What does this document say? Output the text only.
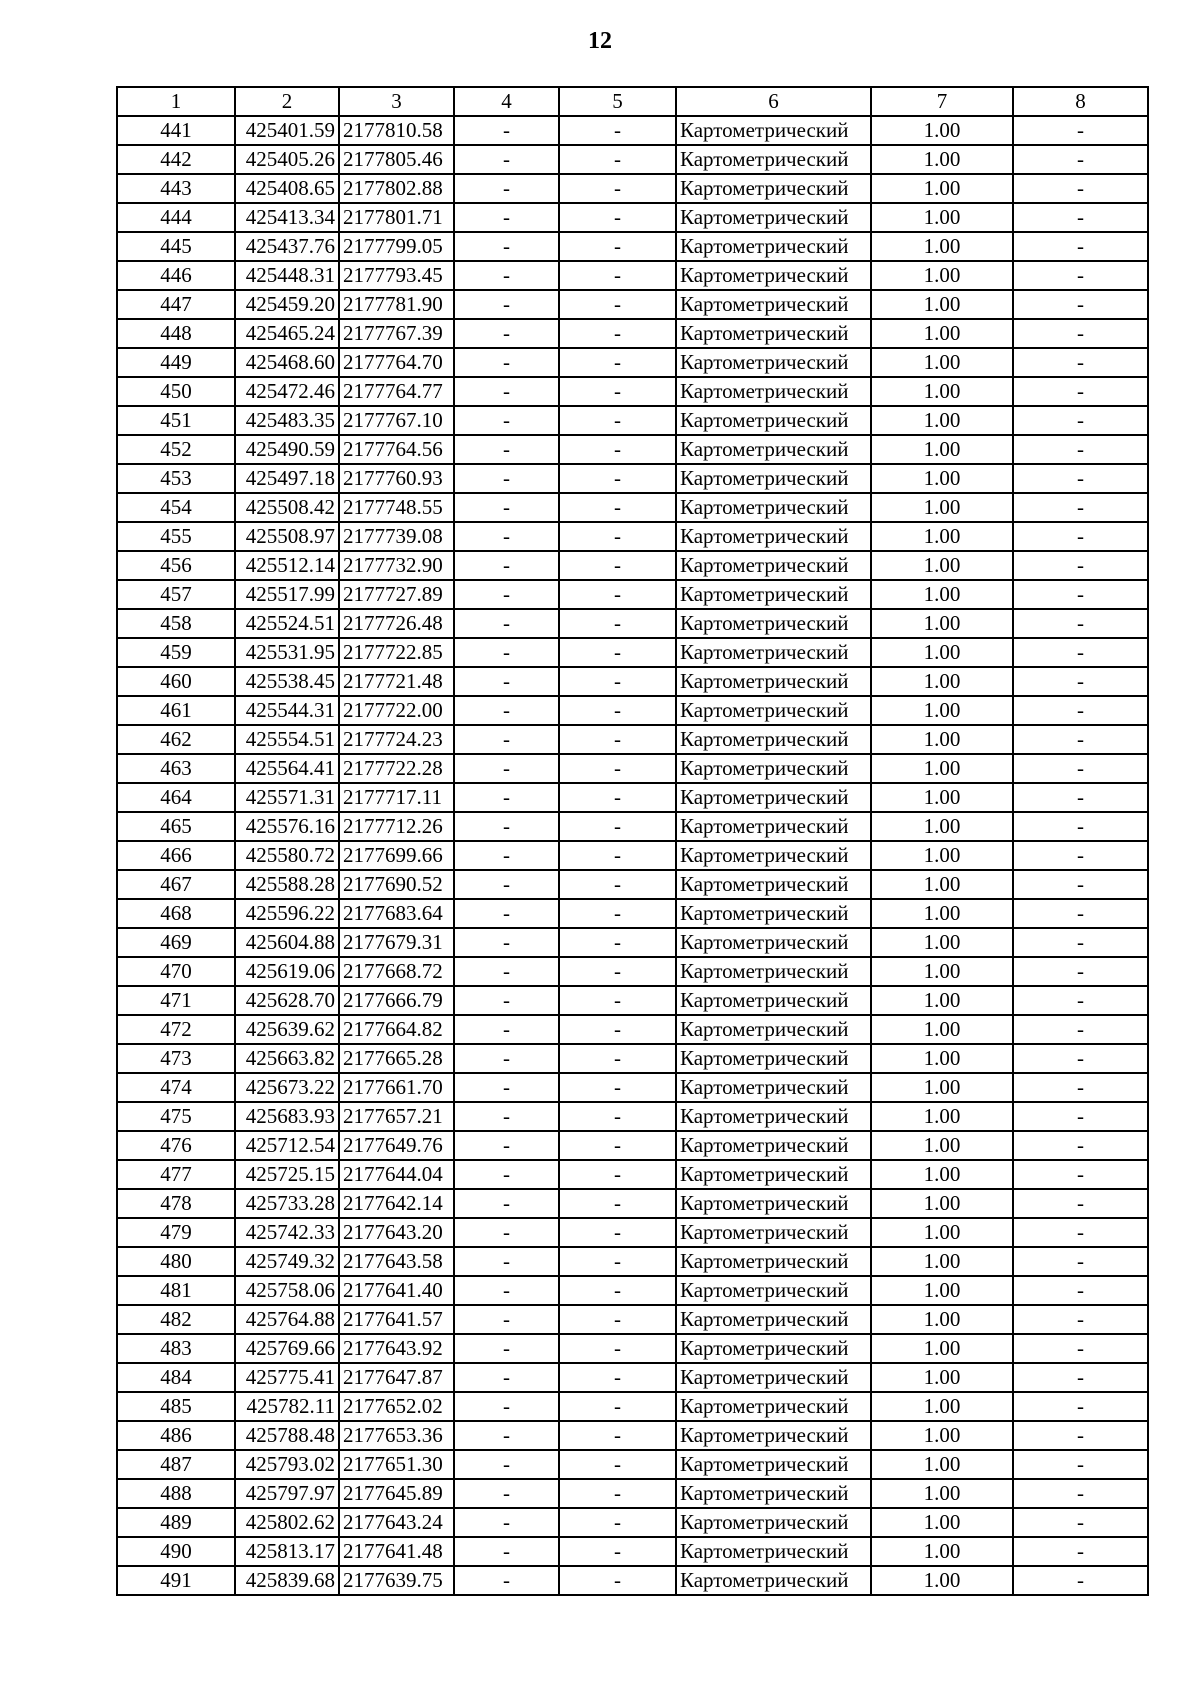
12
1	2	3	4	5	6	7	8
441	425401.59	2177810.58	-	-	Картометрический	1.00	-
442	425405.26	2177805.46	-	-	Картометрический	1.00	-
443	425408.65	2177802.88	-	-	Картометрический	1.00	-
444	425413.34	2177801.71	-	-	Картометрический	1.00	-
445	425437.76	2177799.05	-	-	Картометрический	1.00	-
446	425448.31	2177793.45	-	-	Картометрический	1.00	-
447	425459.20	2177781.90	-	-	Картометрический	1.00	-
448	425465.24	2177767.39	-	-	Картометрический	1.00	-
449	425468.60	2177764.70	-	-	Картометрический	1.00	-
450	425472.46	2177764.77	-	-	Картометрический	1.00	-
451	425483.35	2177767.10	-	-	Картометрический	1.00	-
452	425490.59	2177764.56	-	-	Картометрический	1.00	-
453	425497.18	2177760.93	-	-	Картометрический	1.00	-
454	425508.42	2177748.55	-	-	Картометрический	1.00	-
455	425508.97	2177739.08	-	-	Картометрический	1.00	-
456	425512.14	2177732.90	-	-	Картометрический	1.00	-
457	425517.99	2177727.89	-	-	Картометрический	1.00	-
458	425524.51	2177726.48	-	-	Картометрический	1.00	-
459	425531.95	2177722.85	-	-	Картометрический	1.00	-
460	425538.45	2177721.48	-	-	Картометрический	1.00	-
461	425544.31	2177722.00	-	-	Картометрический	1.00	-
462	425554.51	2177724.23	-	-	Картометрический	1.00	-
463	425564.41	2177722.28	-	-	Картометрический	1.00	-
464	425571.31	2177717.11	-	-	Картометрический	1.00	-
465	425576.16	2177712.26	-	-	Картометрический	1.00	-
466	425580.72	2177699.66	-	-	Картометрический	1.00	-
467	425588.28	2177690.52	-	-	Картометрический	1.00	-
468	425596.22	2177683.64	-	-	Картометрический	1.00	-
469	425604.88	2177679.31	-	-	Картометрический	1.00	-
470	425619.06	2177668.72	-	-	Картометрический	1.00	-
471	425628.70	2177666.79	-	-	Картометрический	1.00	-
472	425639.62	2177664.82	-	-	Картометрический	1.00	-
473	425663.82	2177665.28	-	-	Картометрический	1.00	-
474	425673.22	2177661.70	-	-	Картометрический	1.00	-
475	425683.93	2177657.21	-	-	Картометрический	1.00	-
476	425712.54	2177649.76	-	-	Картометрический	1.00	-
477	425725.15	2177644.04	-	-	Картометрический	1.00	-
478	425733.28	2177642.14	-	-	Картометрический	1.00	-
479	425742.33	2177643.20	-	-	Картометрический	1.00	-
480	425749.32	2177643.58	-	-	Картометрический	1.00	-
481	425758.06	2177641.40	-	-	Картометрический	1.00	-
482	425764.88	2177641.57	-	-	Картометрический	1.00	-
483	425769.66	2177643.92	-	-	Картометрический	1.00	-
484	425775.41	2177647.87	-	-	Картометрический	1.00	-
485	425782.11	2177652.02	-	-	Картометрический	1.00	-
486	425788.48	2177653.36	-	-	Картометрический	1.00	-
487	425793.02	2177651.30	-	-	Картометрический	1.00	-
488	425797.97	2177645.89	-	-	Картометрический	1.00	-
489	425802.62	2177643.24	-	-	Картометрический	1.00	-
490	425813.17	2177641.48	-	-	Картометрический	1.00	-
491	425839.68	2177639.75	-	-	Картометрический	1.00	-
